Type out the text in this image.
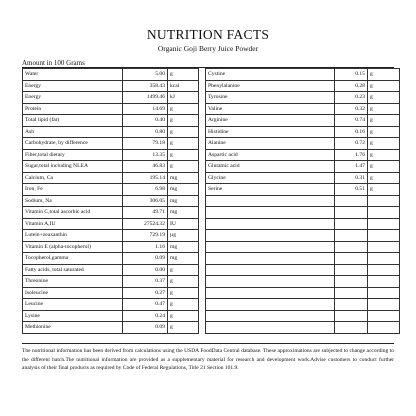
NUTRITION FACTS
Organic Goji Berry Juice Powder
Amount in 100 Grams
Water	5.00	g
Energy	358.43	kcal
Energy	1499.46	kJ
Protein	14.69	g
Total lipid (fat)	0.40	g
Ash	0.80	g
Carbohydrate, by difference	79.18	g
Fiber,total dietary	13.35	g
Sugar,total including NLEA	46.83	g
Calcium, Ca	195.14	mg
Iron, Fe	6.98	mg
Sodium, Na	306.05	mg
Vitamin C,total ascorbic acid	49.71	mg
Vitamin A,IU	27524.32	IU
Lutein+zeaxanthin	729.19	µg
Vitamin E (alpha-tocopherol)	1.16	mg
Tocopherol,gamma	0.09	mg
Fatty acids, total saturated	0.00	g
Threonine	0.37	g
Isoleucine	0.27	g
Leucine	0.47	g
Lysine	0.24	g
Methionine	0.09	g
Cystine	0.15	g
Phenylalanine	0.28	g
Tyrosine	0.23	g
Valine	0.32	g
Arginine	0.74	g
Histidine	0.16	g
Alanine	0.72	g
Aspartic acid	1.76	g
Glutamic acid	1.47	g
Glycine	0.31	g
Serine	0.51	g

The nutritional information has been derived from calculations using the USDA FoodData Central database. These approximations are subjected to change according to the different batch.The nutritional information are provided as a supplementary material for research and development work.Advise customers to conduct further analysis of their final products as required by Code of Federal Regulations, Title 21 Section 101.9.
